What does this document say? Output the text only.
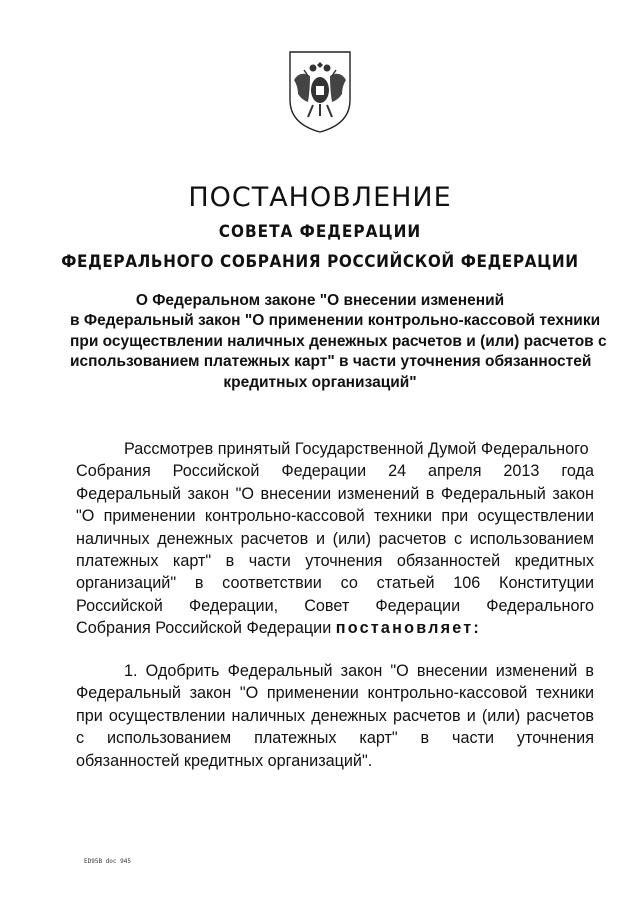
ПОСТАНОВЛЕНИЕ
СОВЕТА ФЕДЕРАЦИИ
ФЕДЕРАЛЬНОГО СОБРАНИЯ РОССИЙСКОЙ ФЕДЕРАЦИИ
О Федеральном законе "О внесении изменений
в Федеральный закон "О применении контрольно-кассовой техники
при осуществлении наличных денежных расчетов и (или) расчетов с
использованием платежных карт" в части уточнения обязанностей
кредитных организаций"
Рассмотрев принятый Государственной Думой Федерального
Собрания Российской Федерации 24 апреля 2013 года
Федеральный закон "О внесении изменений в Федеральный закон
"О применении контрольно-кассовой техники при осуществлении
наличных денежных расчетов и (или) расчетов с использованием
платежных карт" в части уточнения обязанностей кредитных
организаций" в соответствии со статьей 106 Конституции
Российской Федерации, Совет Федерации Федерального
Собрания Российской Федерации постановляет:
1. Одобрить Федеральный закон "О внесении изменений в
Федеральный закон "О применении контрольно-кассовой техники
при осуществлении наличных денежных расчетов и (или) расчетов
с использованием платежных карт" в части уточнения
обязанностей кредитных организаций".
ED95B doc 945
